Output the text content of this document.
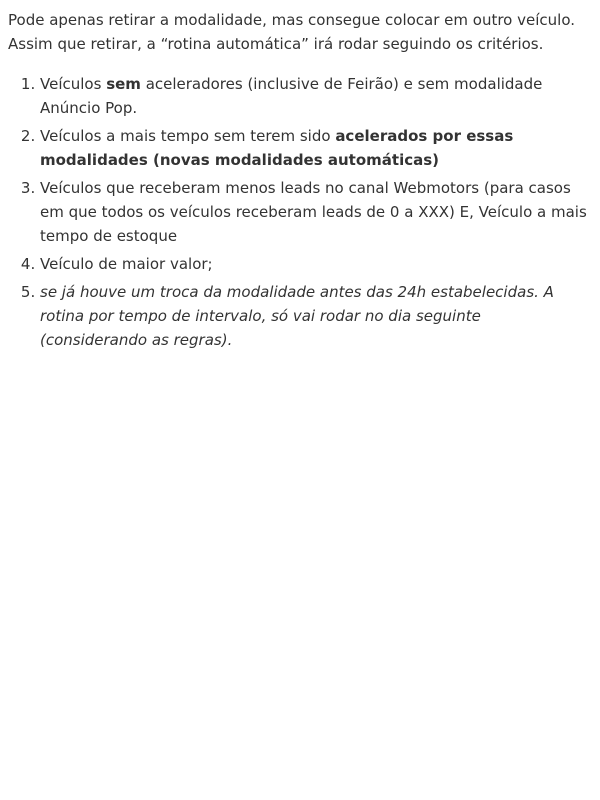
Pode apenas retirar a modalidade, mas consegue colocar em outro veículo. Assim que retirar, a “rotina automática” irá rodar seguindo os critérios.

1. Veículos sem aceleradores (inclusive de Feirão) e sem modalidade Anúncio Pop.
2. Veículos a mais tempo sem terem sido acelerados por essas modalidades (novas modalidades automáticas)
3. Veículos que receberam menos leads no canal Webmotors (para casos em que todos os veículos receberam leads de 0 a XXX) E, Veículo a mais tempo de estoque
4. Veículo de maior valor;
5. se já houve um troca da modalidade antes das 24h estabelecidas. A rotina por tempo de intervalo, só vai rodar no dia seguinte (considerando as regras).
